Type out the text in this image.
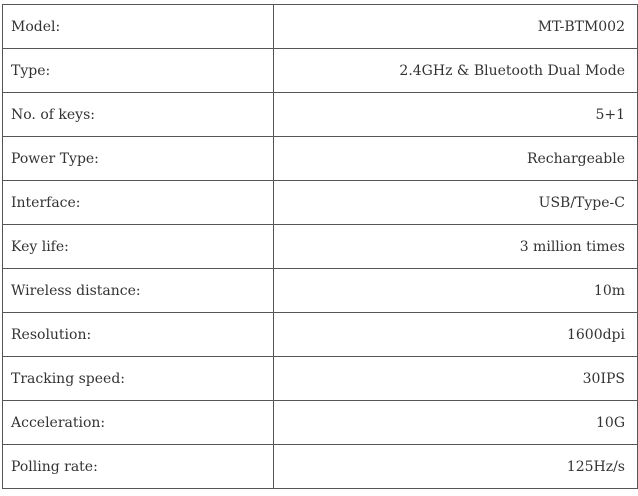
Model:	MT-BTM002
Type:	2.4GHz & Bluetooth Dual Mode
No. of keys:	5+1
Power Type:	Rechargeable
Interface:	USB/Type-C
Key life:	3 million times
Wireless distance:	10m
Resolution:	1600dpi
Tracking speed:	30IPS
Acceleration:	10G
Polling rate:	125Hz/s
